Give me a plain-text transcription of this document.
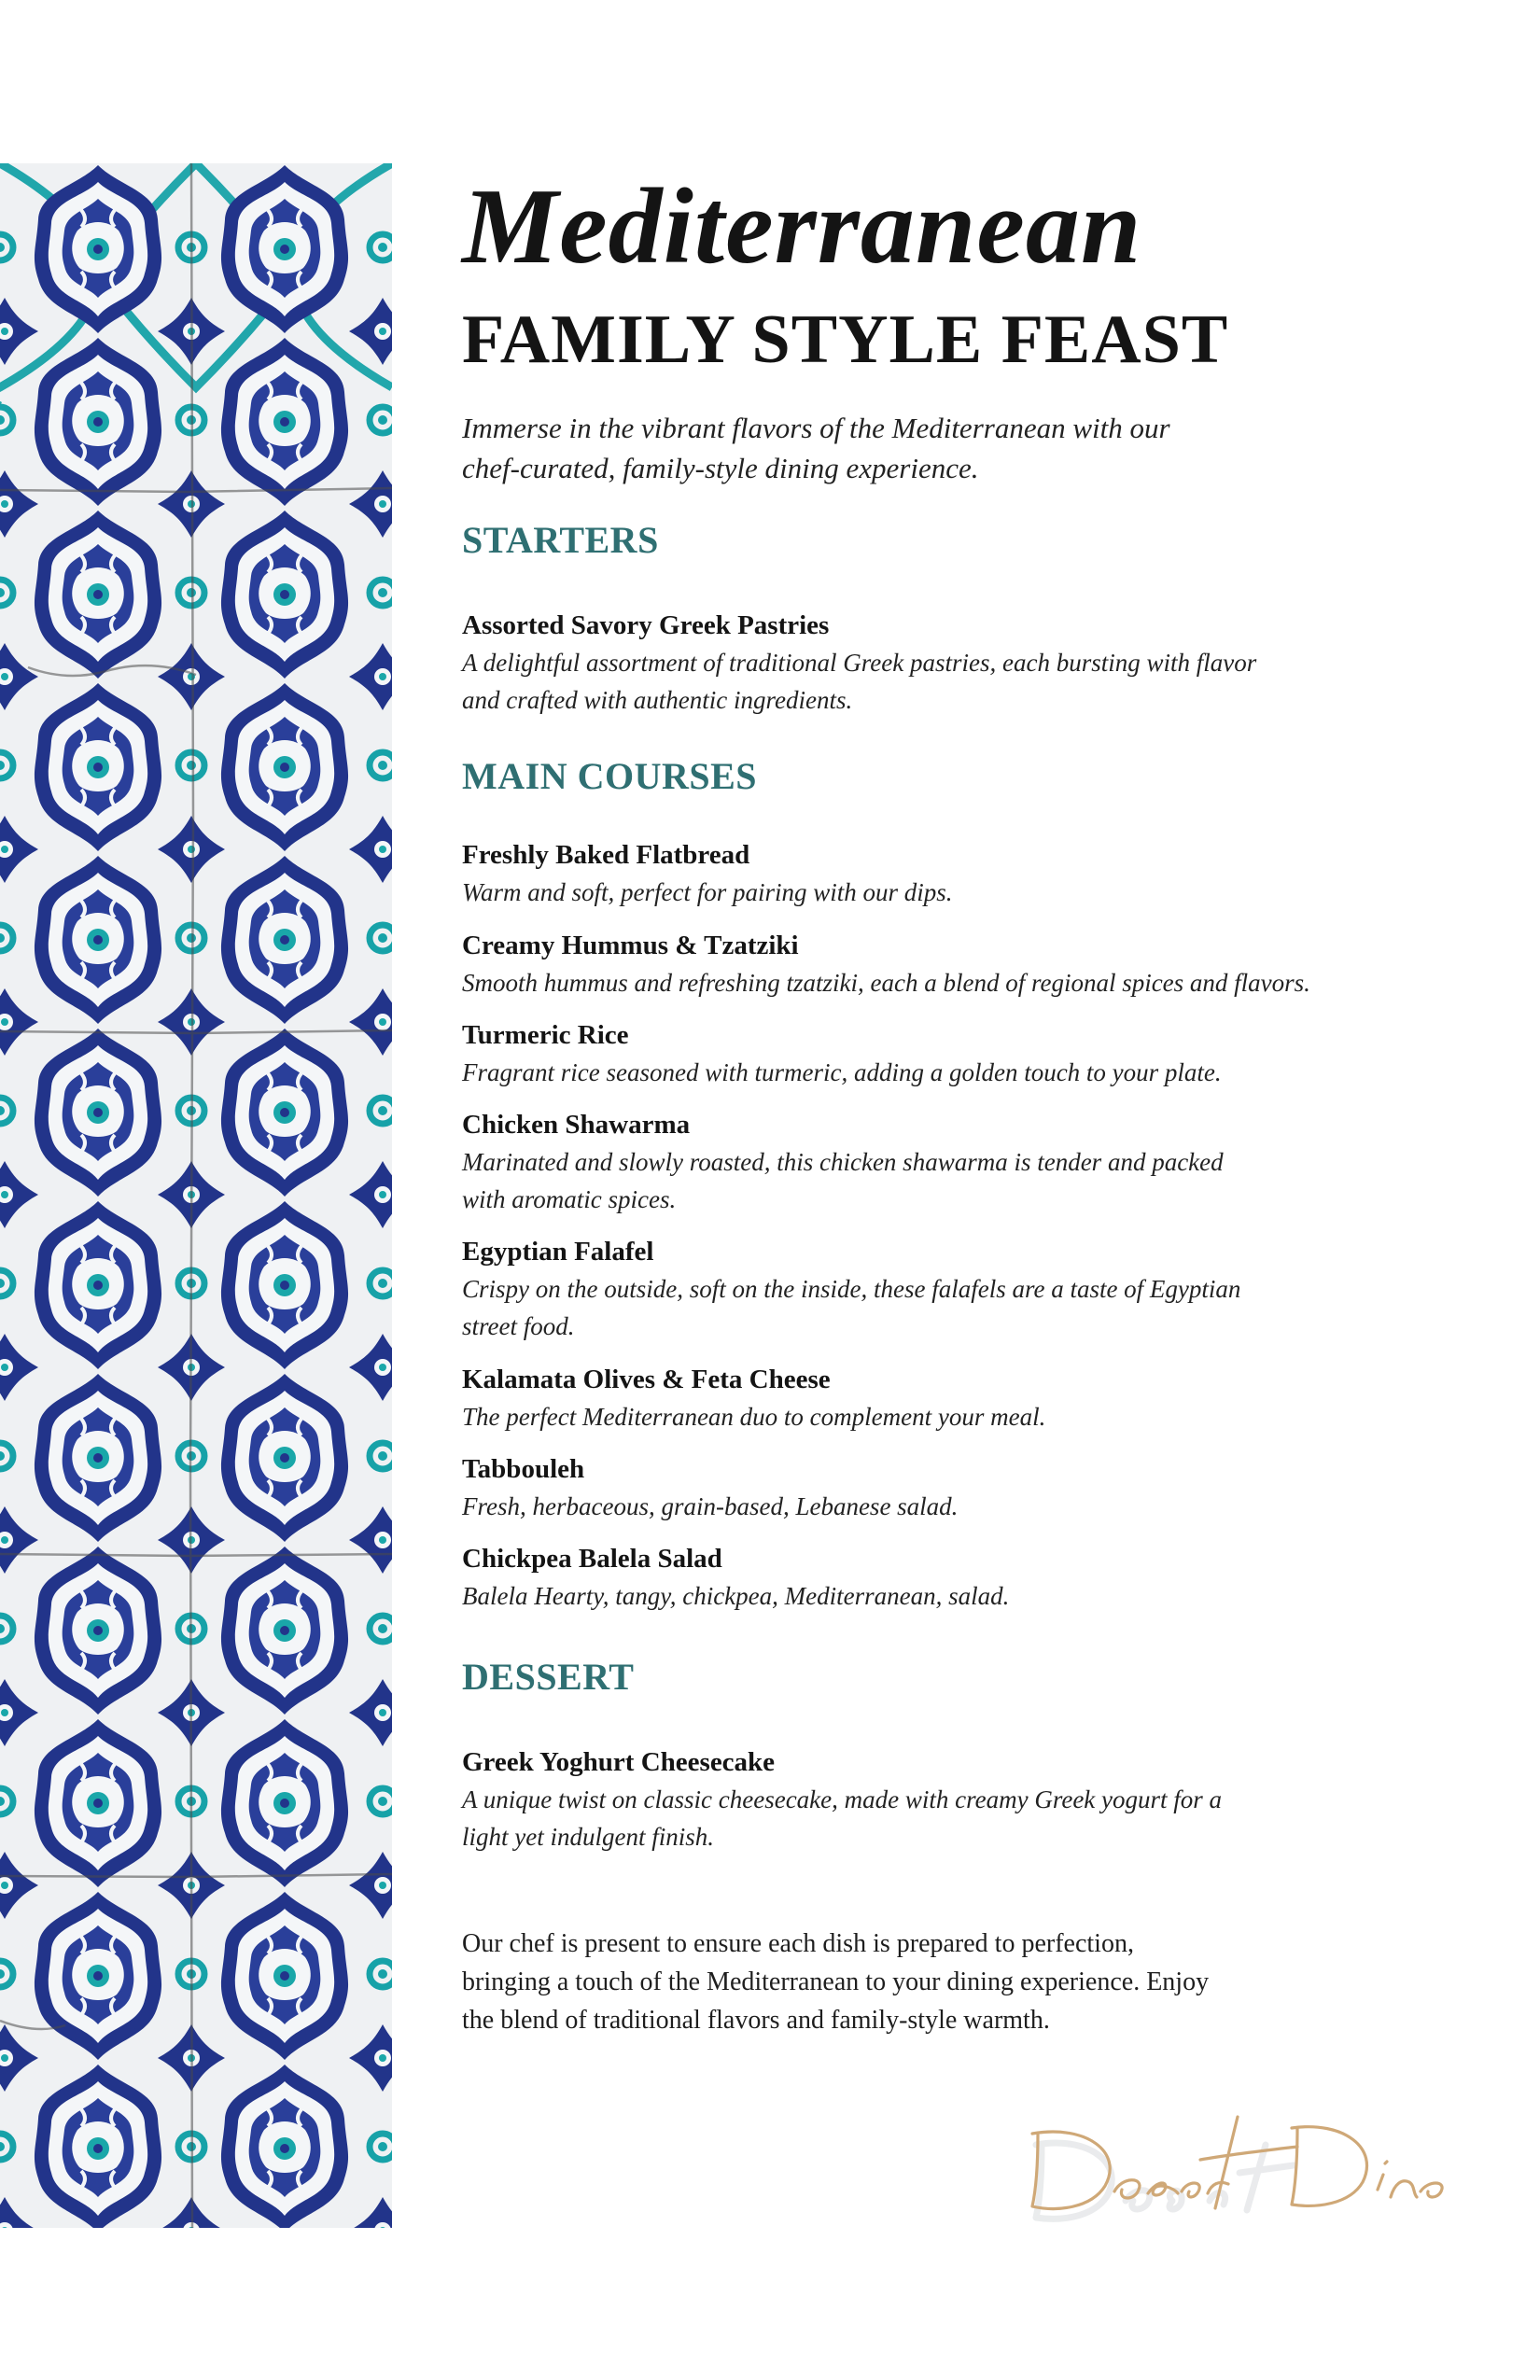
Mediterranean
FAMILY STYLE FEAST
Immerse in the vibrant flavors of the Mediterranean with our
chef-curated, family-style dining experience.
STARTERS

Assorted Savory Greek Pastries

A delightful assortment of traditional Greek pastries, each bursting with flavor

and crafted with authentic ingredients.

MAIN COURSES

Freshly Baked Flatbread

Warm and soft, perfect for pairing with our dips.

Creamy Hummus & Tzatziki

Smooth hummus and refreshing tzatziki, each a blend of regional spices and flavors.

Turmeric Rice

Fragrant rice seasoned with turmeric, adding a golden touch to your plate.

Chicken Shawarma

Marinated and slowly roasted, this chicken shawarma is tender and packed

with aromatic spices.

Egyptian Falafel

Crispy on the outside, soft on the inside, these falafels are a taste of Egyptian

street food.

Kalamata Olives & Feta Cheese

The perfect Mediterranean duo to complement your meal.

Tabbouleh

Fresh, herbaceous, grain-based, Lebanese salad.

Chickpea Balela Salad

Balela Hearty, tangy, chickpea, Mediterranean, salad.

DESSERT

Greek Yoghurt Cheesecake

A unique twist on classic cheesecake, made with creamy Greek yogurt for a

light yet indulgent finish.

Our chef is present to ensure each dish is prepared to perfection,

bringing a touch of the Mediterranean to your dining experience. Enjoy

the blend of traditional flavors and family-style warmth.
